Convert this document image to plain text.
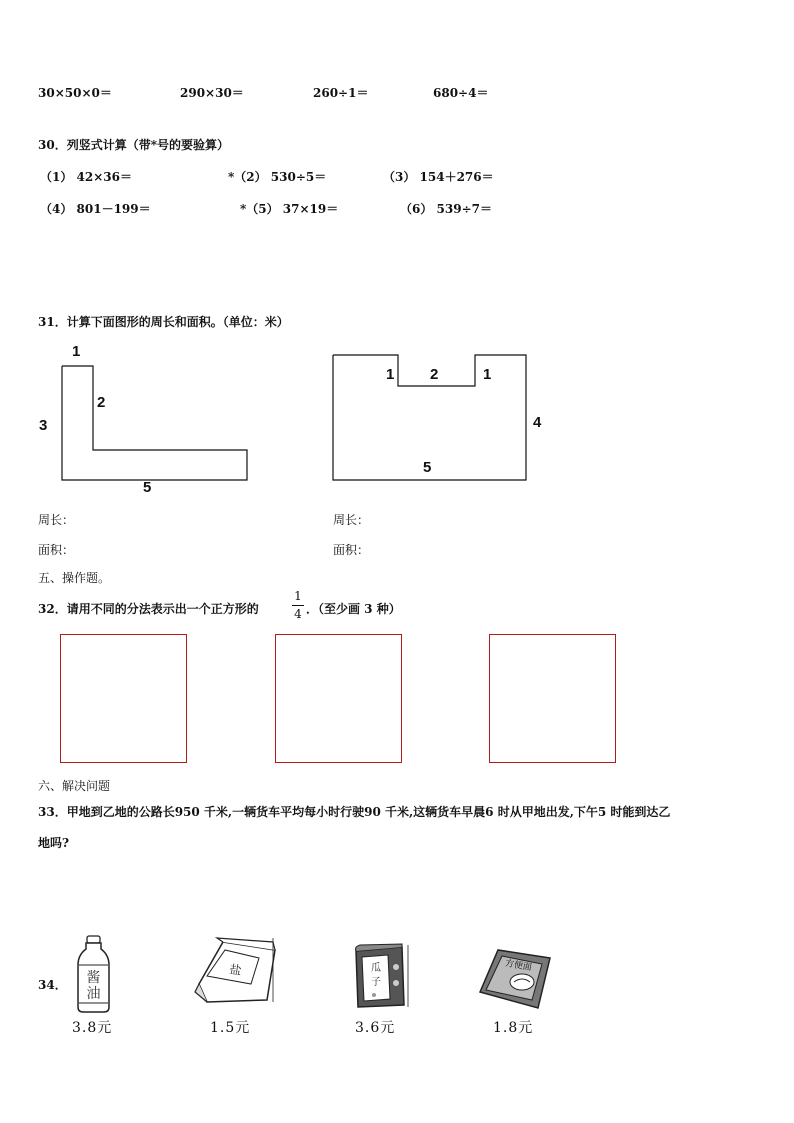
30×50×0＝	290×30＝	260÷1＝	680÷4＝
30．列竖式计算（带*号的要验算）
（1） 42×36＝	*（2） 530÷5＝	（3） 154＋276＝
（4） 801－199＝	*（5） 37×19＝	（6） 539÷7＝
31．计算下面图形的周长和面积。（单位：米）
1
2
3
5
1 2	1
4
5
周长：	周长：
面积：	面积：
五、操作题。
32．请用不同的分法表示出一个正方形的
1
4 ．（至少画 3 种）
六、解决问题
33．甲地到乙地的公路长950 千米,一辆货车平均每小时行驶90 千米,这辆货车早晨6 时从甲地出发,下午5 时能到达乙
地吗?
34． 酱
油
3.8元
盐
1.5元
瓜
子
3.6元
方便面
1.8元
